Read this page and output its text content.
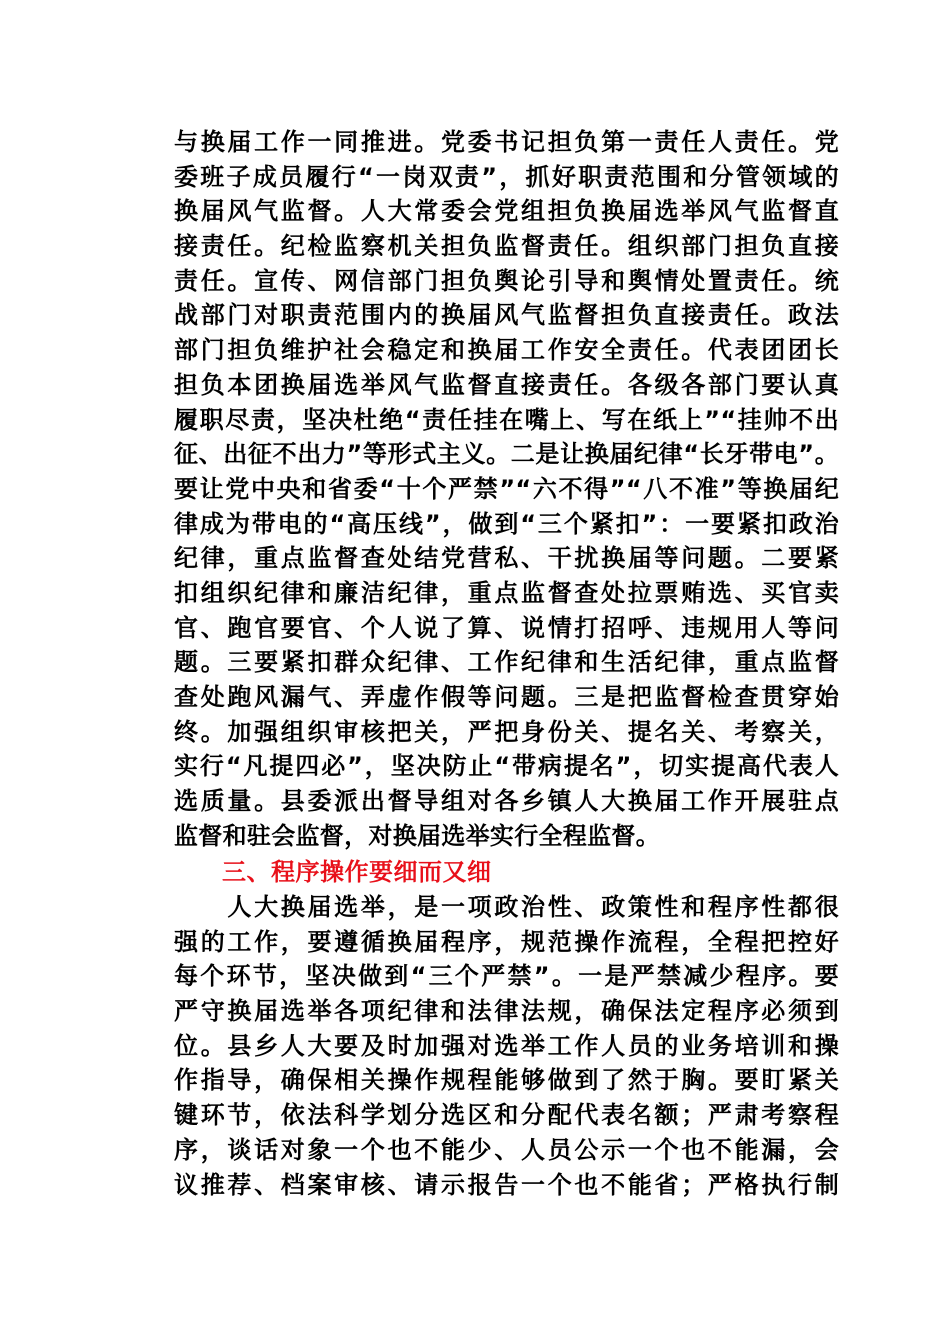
与换届工作一同推进。党委书记担负第一责任人责任。党
委班子成员履行“一岗双责”，抓好职责范围和分管领域的
换届风气监督。人大常委会党组担负换届选举风气监督直
接责任。纪检监察机关担负监督责任。组织部门担负直接
责任。宣传、网信部门担负舆论引导和舆情处置责任。统
战部门对职责范围内的换届风气监督担负直接责任。政法
部门担负维护社会稳定和换届工作安全责任。代表团团长
担负本团换届选举风气监督直接责任。各级各部门要认真
履职尽责，坚决杜绝“责任挂在嘴上、写在纸上”“挂帅不出
征、出征不出力”等形式主义。二是让换届纪律“长牙带电”。
要让党中央和省委“十个严禁”“六不得”“八不准”等换届纪
律成为带电的“高压线”，做到“三个紧扣”：一要紧扣政治
纪律，重点监督查处结党营私、干扰换届等问题。二要紧
扣组织纪律和廉洁纪律，重点监督查处拉票贿选、买官卖
官、跑官要官、个人说了算、说情打招呼、违规用人等问
题。三要紧扣群众纪律、工作纪律和生活纪律，重点监督
查处跑风漏气、弄虚作假等问题。三是把监督检查贯穿始
终。加强组织审核把关，严把身份关、提名关、考察关，
实行“凡提四必”，坚决防止“带病提名”，切实提高代表人
选质量。县委派出督导组对各乡镇人大换届工作开展驻点
监督和驻会监督，对换届选举实行全程监督。
三、程序操作要细而又细
　　人大换届选举，是一项政治性、政策性和程序性都很
强的工作，要遵循换届程序，规范操作流程，全程把控好
每个环节，坚决做到“三个严禁”。一是严禁减少程序。要
严守换届选举各项纪律和法律法规，确保法定程序必须到
位。县乡人大要及时加强对选举工作人员的业务培训和操
作指导，确保相关操作规程能够做到了然于胸。要盯紧关
键环节，依法科学划分选区和分配代表名额；严肃考察程
序，谈话对象一个也不能少、人员公示一个也不能漏，会
议推荐、档案审核、请示报告一个也不能省；严格执行制
